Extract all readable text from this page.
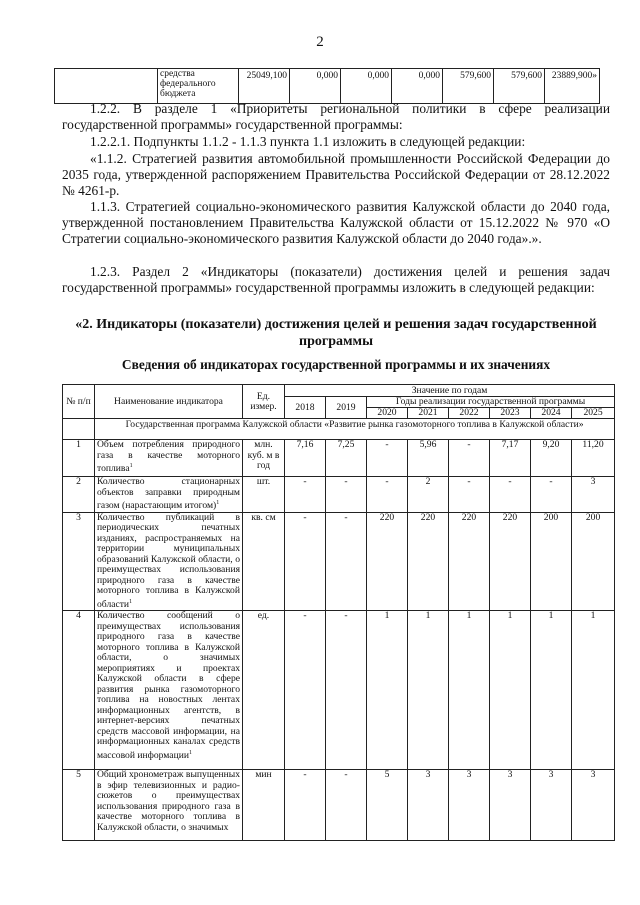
2
	средства федерального бюджета	25049,100	0,000	0,000	0,000	579,600	579,600	23889,900»

1.2.2. В разделе 1 «Приоритеты региональной политики в сфере реализации государственной программы» государственной программы:

1.2.2.1. Подпункты 1.1.2 - 1.1.3 пункта 1.1 изложить в следующей редакции:

«1.1.2. Стратегией развития автомобильной промышленности Российской Федерации до 2035 года, утвержденной распоряжением Правительства Российской Федерации от 28.12.2022 № 4261-р.

1.1.3. Стратегией социально-экономического развития Калужской области до 2040 года, утвержденной постановлением Правительства Калужской области от 15.12.2022 № 970 «О Стратегии социально-экономического развития Калужской области до 2040 года».».

1.2.3. Раздел 2 «Индикаторы (показатели) достижения целей и решения задач государственной программы» государственной программы изложить в следующей редакции:

«2. Индикаторы (показатели) достижения целей и решения задач государственной программы
Сведения об индикаторах государственной программы и их значениях
№ п/п	Наименование индикатора	Ед. измер.	Значение по годам							
			2018	2019	Годы реализации государственной программы					
					2020	2021	2022	2023	2024	2025
	Государственная программа Калужской области «Развитие рынка газомоторного топлива в Калужской области»									
1	Объем потребления природного газа в качестве моторного топлива$^1$	млн. куб. м в год	7,16	7,25	-	5,96	-	7,17	9,20	11,20
2	Количество стационарных объектов заправки природным газом (нарастающим итогом)$^1$	шт.	-	-	-	2	-	-	-	3
3	Количество публикаций в периодических печатных изданиях, распространяемых на территории муниципальных образований Калужской области, о преимуществах использования природного газа в качестве моторного топлива в Калужской области$^1$	кв. см	-	-	220	220	220	220	200	200
4	Количество сообщений о преимуществах использования природного газа в качестве моторного топлива в Калужской области, о значимых мероприятиях и проектах Калужской области в сфере развития рынка газомоторного топлива на новостных лентах информационных агентств, в интернет-версиях печатных средств массовой информации, на информационных каналах средств массовой информации$^1$	ед.	-	-	1	1	1	1	1	1
5	Общий хронометраж выпущенных в эфир телевизионных и радио-сюжетов о преимуществах использования природного газа в качестве моторного топлива в Калужской области, о значимых	мин	-	-	5	3	3	3	3	3
